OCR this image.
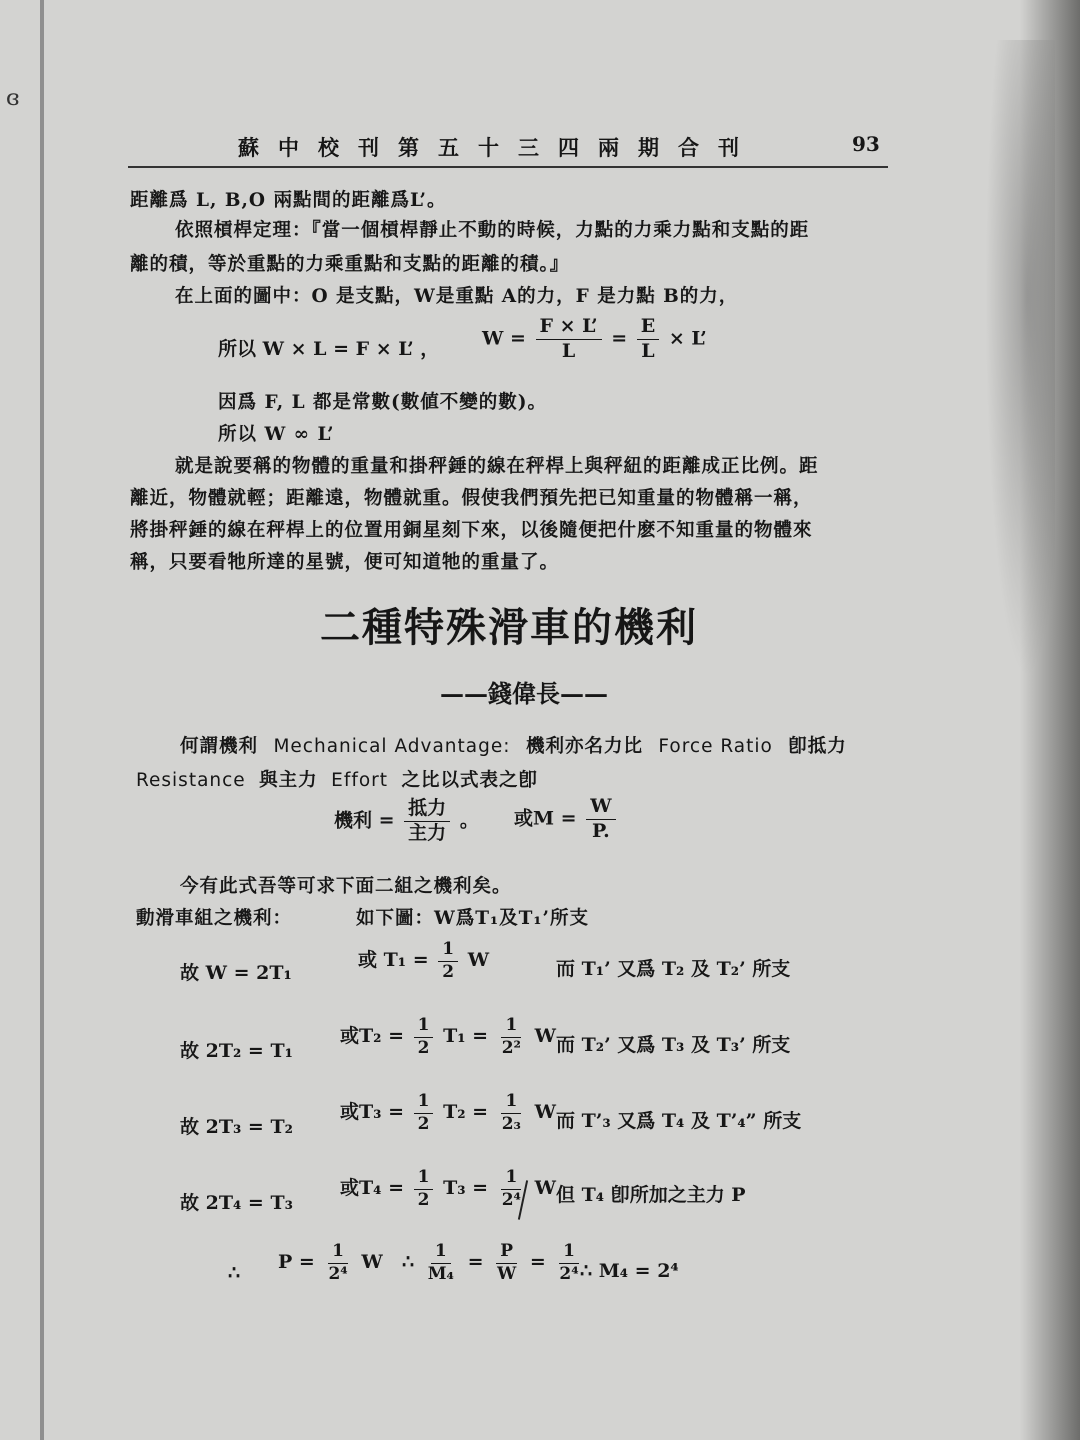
ɞ
蘇中校刊第五十三四兩期合刊	93
距離爲 L, B,O 兩點間的距離爲L’。
依照槓桿定理：『當一個槓桿靜止不動的時候，力點的力乘力點和支點的距
離的積，等於重點的力乘重點和支點的距離的積。』
在上面的圖中：O 是支點，W是重點 A的力，F 是力點 B的力，
所以 W × L = F × L’ ， $W = \frac{F \times L’}{L} = \frac{E}{L} \times L$’
因爲 F, L 都是常數(數値不變的數)。
所以 W ∞ L’
就是說要稱的物體的重量和掛秤錘的線在秤桿上與秤紐的距離成正比例。距
離近，物體就輕；距離遠，物體就重。假使我們預先把已知重量的物體稱一稱，
將掛秤錘的線在秤桿上的位置用銅星刻下來，以後隨便把什麽不知重量的物體來
稱，只要看牠所達的星號，便可知道牠的重量了。
二種特殊滑車的機利
——錢偉長——
何謂機利 Mechanical Advantage: 機利亦名力比 Force Ratio 卽抵力
Resistance 與主力 Effort 之比以式表之卽
機利 = $\frac{\text{抵力}}{\text{主力}}$ 。 或$M = \frac{W}{P.}$
今有此式吾等可求下面二組之機利矣。
動滑車組之機利：	如下圖：W爲T₁及T₁’所支
故 W = 2T₁
或 $T_1 = \frac{1}{2}$ W	而 T₁’ 又爲 T₂ 及 T₂’ 所支
故 2T₂ = T₁
或$T_2 = \frac{1}{2} T_1 = \frac{1}{\text{2²}}$ W 而 T₂’ 又爲 T₃ 及 T₃’ 所支
故 2T₃ = T₂
或$T_3 = \frac{1}{2} T_2 = \frac{1}{\text{2₃}}$ W 而 T’₃ 又爲 T₄ 及 T’₄” 所支
故 2T₄ = T₃
或$T_4 = \frac{1}{2} T_3 = \frac{1}{\text{2⁴}}$ W 但 T₄ 卽所加之主力 P
∴ $P = \frac{1}{\text{2⁴}}$ W ∴ $\frac{1}{\text{M₄}} = \frac{P}{W} = \frac{1}{\text{2⁴}}$
∴ M₄ = 2⁴
